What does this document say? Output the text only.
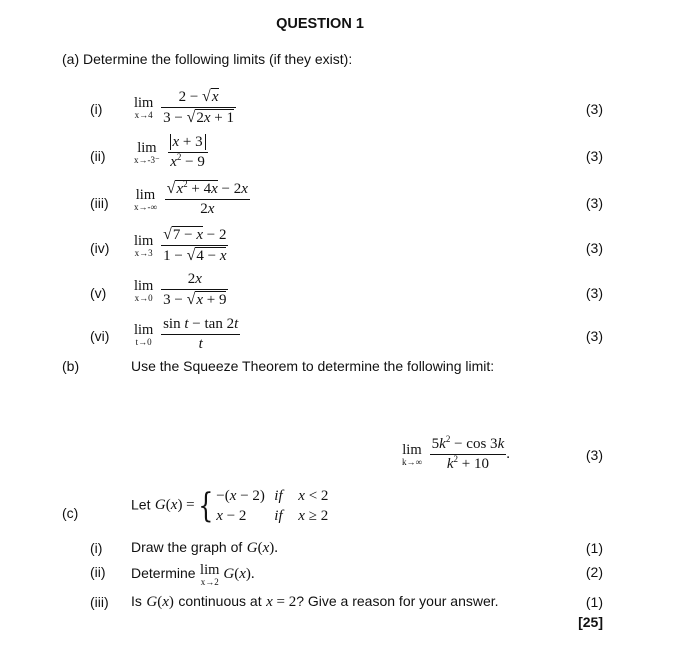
QUESTION 1
(a) Determine the following limits (if they exist):
(i) lim
x→4
$\frac{2 - √x}{3 - √2x + 1}$	(3)
(ii)
lim
x→-3⁻
$\frac{x + 3}{x^2 - 9}$	(3)
(iii)
lim
x→-∞
$\frac{√x^2 + 4x - 2x}{2x}$	(3)
(iv) lim
x→3
$\frac{√7 - x - 2}{1 - √4 - x}$	(3)
(v) lim
x→0
$\frac{2x}{3 - √x + 9}$	(3)
(vi) lim
t→0
$\frac{\text{sin t − tan 2t}}{t}$	(3)
(b)	Use the Squeeze Theorem to determine the following limit:
lim
k→∞
$\frac{5k^2 - \cos 3k}{k^2 + 10}$ .	(3)
(c)
Let G(x) ={ −(x − 2) if x < 2
x − 2 if x ≥ 2
(i) Draw the graph of G(x).	(1)
(ii) Determine lim
x→2
G(x).	(2)
(iii) Is G(x) continuous at x = 2? Give a reason for your answer.	(1)
[25]
